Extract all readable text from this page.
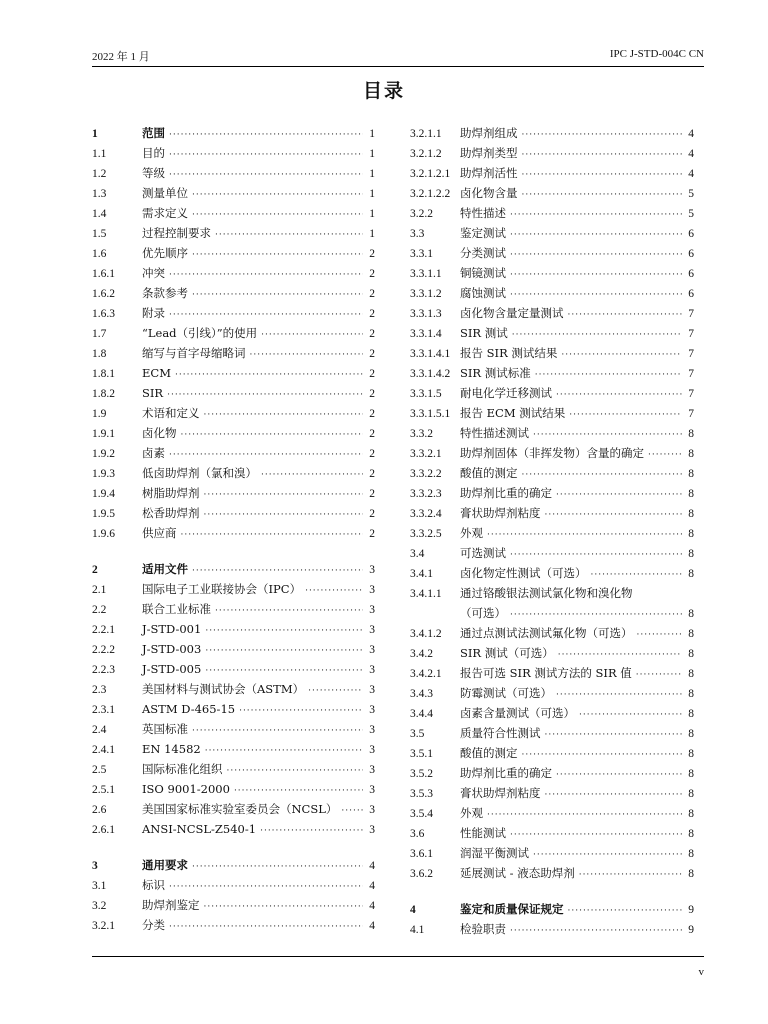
2022 年 1 月	IPC J-STD-004C CN
目录
1	范围 ·····	1
1.1	目的 ·····	1
1.2	等级 ·····	1
1.3	测量单位 ·····	1
1.4	需求定义 ·····	1
1.5	过程控制要求 ·····	1
1.6	优先顺序 ·····	2
1.6.1	冲突 ·····	2
1.6.2	条款参考 ·····	2
1.6.3	附录 ·····	2
1.7	“Lead（引线）”的使用 ·····	2
1.8	缩写与首字母缩略词 ·····	2
1.8.1	ECM ·····	2
1.8.2	SIR ·····	2
1.9	术语和定义 ·····	2
1.9.1	卤化物 ·····	2
1.9.2	卤素 ·····	2
1.9.3	低卤助焊剂（氯和溴） ·····	2
1.9.4	树脂助焊剂 ·····	2
1.9.5	松香助焊剂 ·····	2
1.9.6	供应商 ·····	2
2	适用文件 ·····	3
2.1	国际电子工业联接协会（IPC） ·····	3
2.2	联合工业标准 ·····	3
2.2.1	J-STD-001 ·····	3
2.2.2	J-STD-003 ·····	3
2.2.3	J-STD-005 ·····	3
2.3	美国材料与测试协会（ASTM） ·····	3
2.3.1	ASTM D-465-15 ·····	3
2.4	英国标准 ·····	3
2.4.1	EN 14582 ·····	3
2.5	国际标准化组织 ·····	3
2.5.1	ISO 9001-2000 ·····	3
2.6	美国国家标准实验室委员会（NCSL） ·····	3
2.6.1	ANSI-NCSL-Z540-1 ·····	3
3	通用要求 ·····	4
3.1	标识 ·····	4
3.2	助焊剂鉴定 ·····	4
3.2.1	分类 ·····	4
3.2.1.1	助焊剂组成 ·····	4
3.2.1.2	助焊剂类型 ·····	4
3.2.1.2.1 助焊剂活性 ·····	4
3.2.1.2.2 卤化物含量 ·····	5
3.2.2	特性描述 ·····	5
3.3	鉴定测试 ·····	6
3.3.1	分类测试 ·····	6
3.3.1.1	铜镜测试 ·····	6
3.3.1.2	腐蚀测试 ·····	6
3.3.1.3	卤化物含量定量测试 ·····	7
3.3.1.4	SIR 测试 ·····	7
3.3.1.4.1 报告 SIR 测试结果 ·····	7
3.3.1.4.2 SIR 测试标准 ·····	7
3.3.1.5	耐电化学迁移测试 ·····	7
3.3.1.5.1 报告 ECM 测试结果 ·····	7
3.3.2	特性描述测试 ·····	8
3.3.2.1	助焊剂固体（非挥发物）含量的确定 ·····	8
3.3.2.2	酸值的测定 ·····	8
3.3.2.3	助焊剂比重的确定 ·····	8
3.3.2.4	膏状助焊剂粘度 ·····	8
3.3.2.5	外观 ·····	8
3.4	可选测试 ·····	8
3.4.1	卤化物定性测试（可选） ·····	8
3.4.1.1	通过铬酸银法测试氯化物和溴化物
（可选） ·····	8
3.4.1.2	通过点测试法测试氟化物（可选） ·····	8
3.4.2	SIR 测试（可选） ·····	8
3.4.2.1	报告可选 SIR 测试方法的 SIR 值 ·····	8
3.4.3	防霉测试（可选） ·····	8
3.4.4	卤素含量测试（可选） ·····	8
3.5	质量符合性测试 ·····	8
3.5.1	酸值的测定 ·····	8
3.5.2	助焊剂比重的确定 ·····	8
3.5.3	膏状助焊剂粘度 ·····	8
3.5.4	外观 ·····	8
3.6	性能测试 ·····	8
3.6.1	润湿平衡测试 ·····	8
3.6.2	延展测试 - 液态助焊剂 ·····	8
4	鉴定和质量保证规定 ·····	9
4.1	检验职责 ·····	9
v
